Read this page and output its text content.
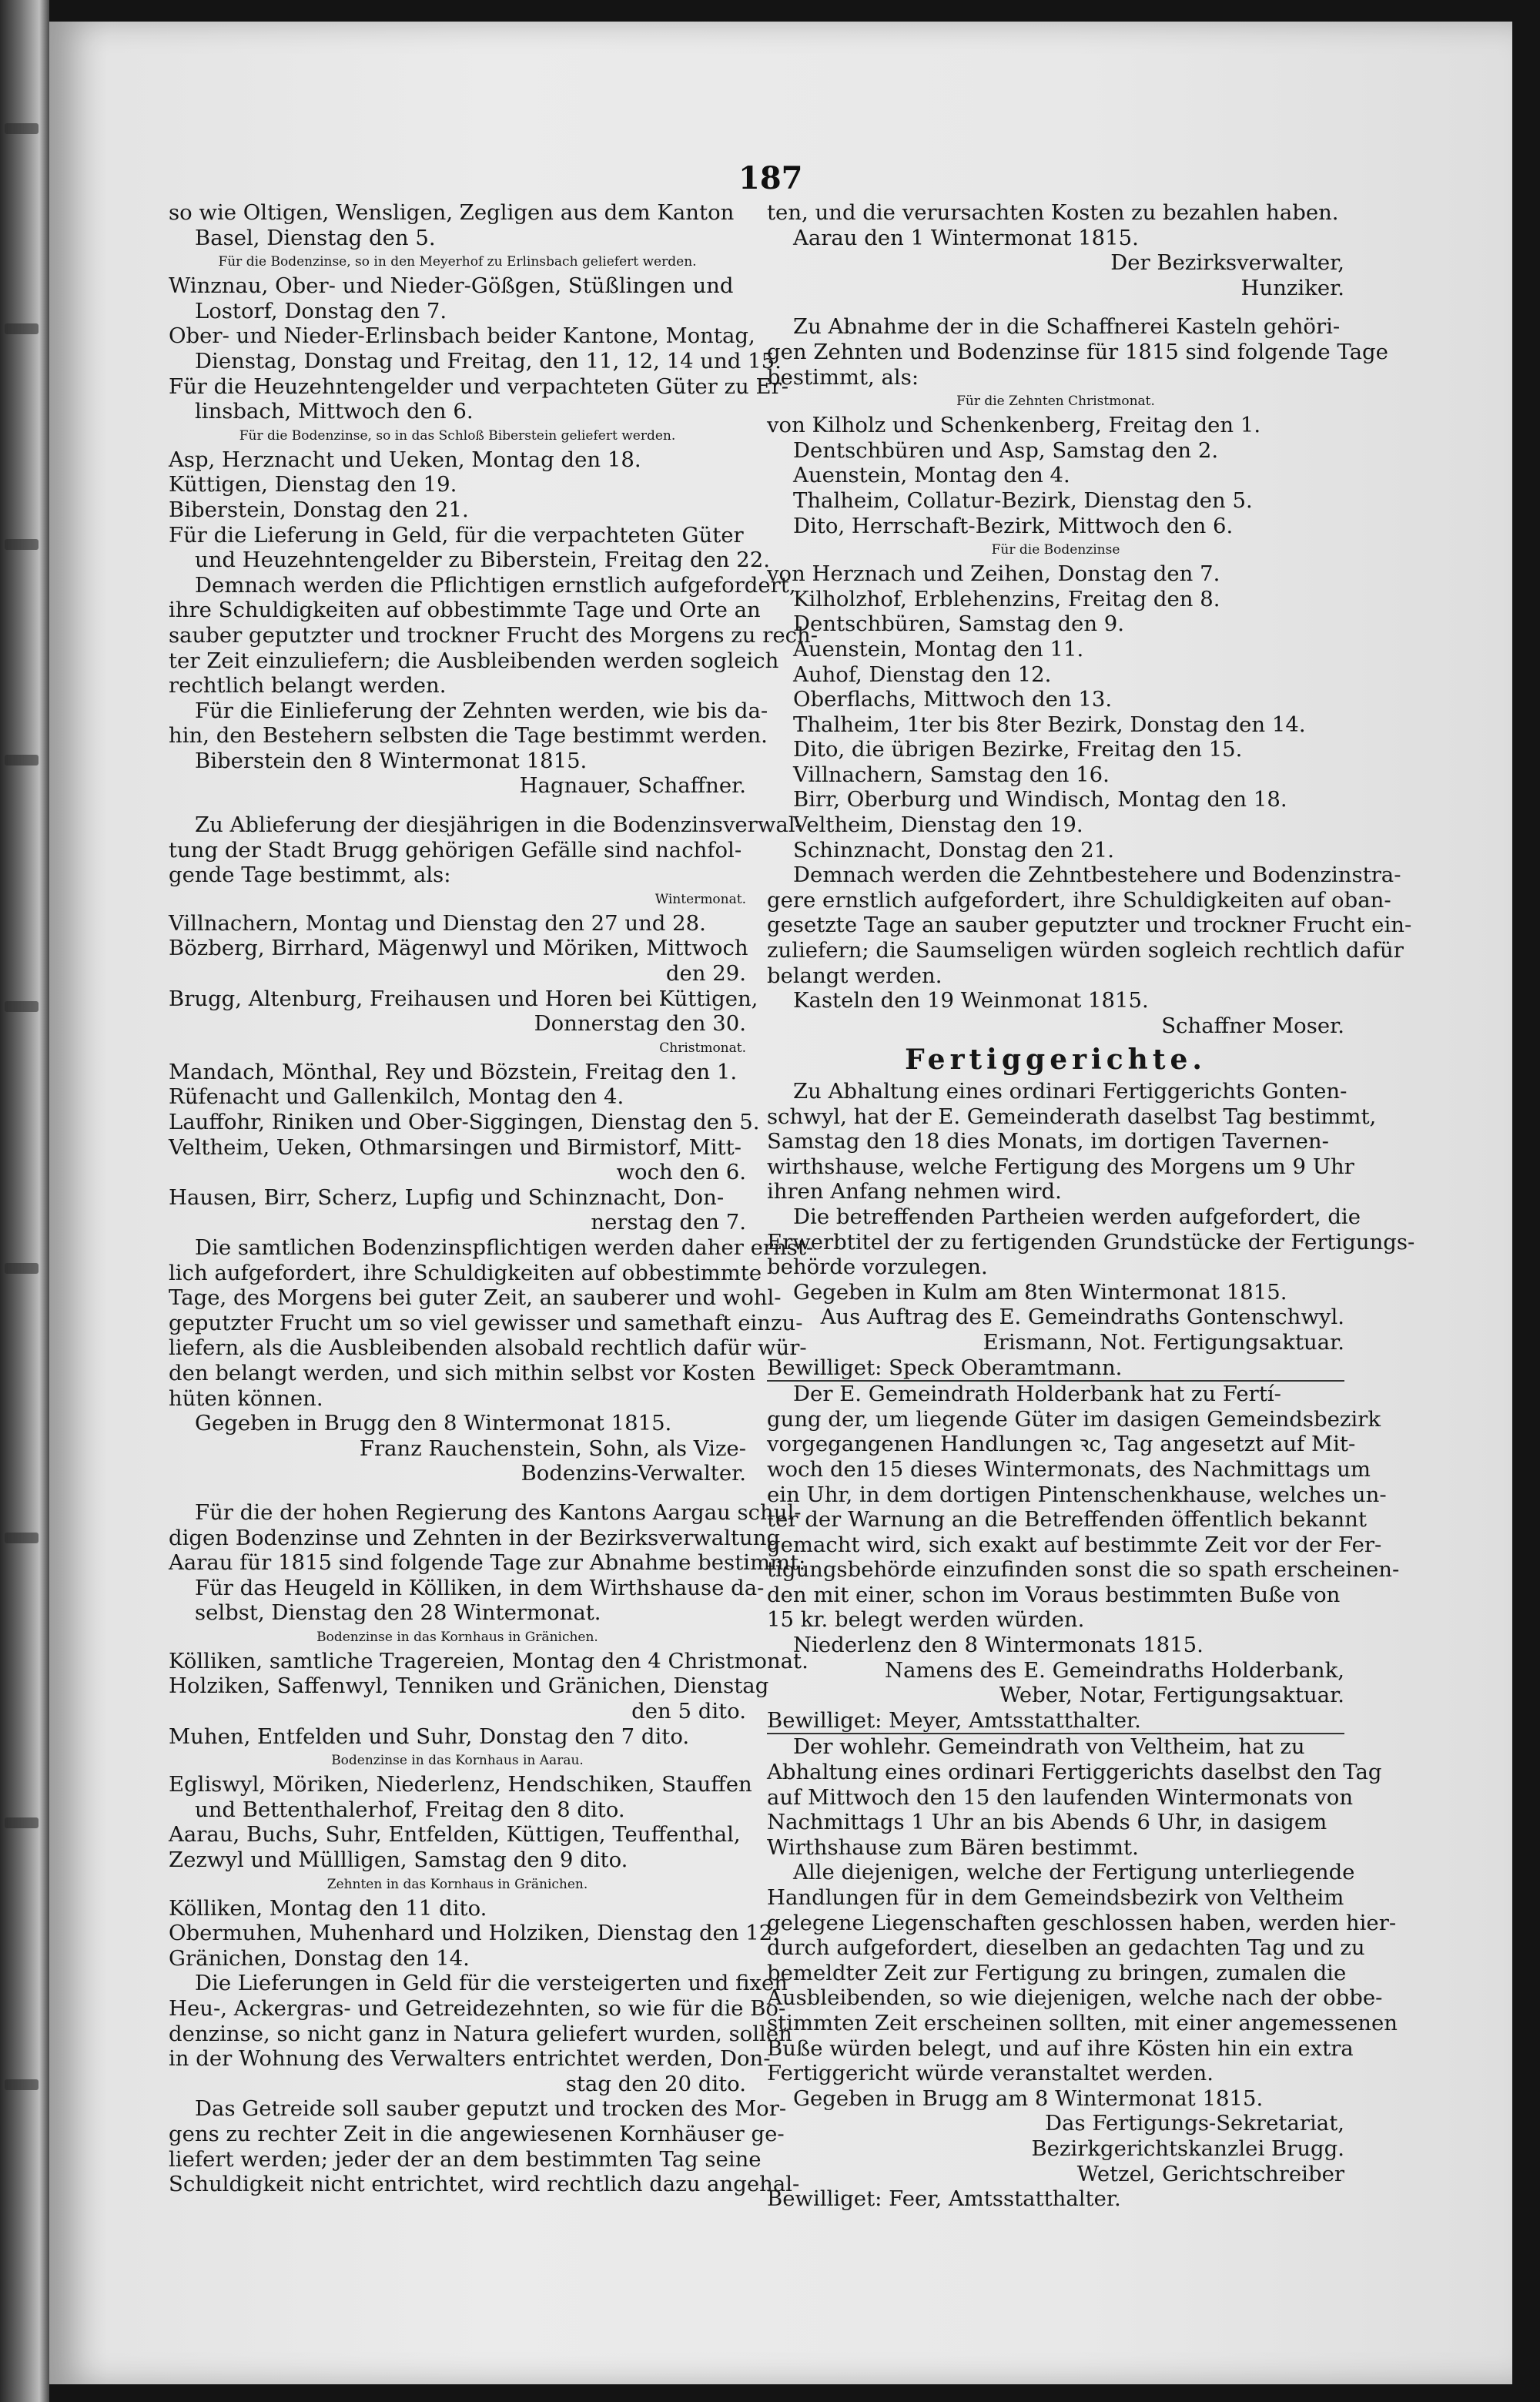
187

so wie Oltigen, Wensligen, Zegligen aus dem Kanton

Basel, Dienstag den 5.

Für die Bodenzinse, so in den Meyerhof zu Erlinsbach geliefert werden.

Winznau, Ober- und Nieder-Gößgen, Stüßlingen und

Lostorf, Donstag den 7.

Ober- und Nieder-Erlinsbach beider Kantone, Montag,

Dienstag, Donstag und Freitag, den 11, 12, 14 und 15.

Für die Heuzehntengelder und verpachteten Güter zu Er-

linsbach, Mittwoch den 6.

Für die Bodenzinse, so in das Schloß Biberstein geliefert werden.

Asp, Herznacht und Ueken, Montag den 18.

Küttigen, Dienstag den 19.

Biberstein, Donstag den 21.

Für die Lieferung in Geld, für die verpachteten Güter

und Heuzehntengelder zu Biberstein, Freitag den 22.

Demnach werden die Pflichtigen ernstlich aufgefordert,

ihre Schuldigkeiten auf obbestimmte Tage und Orte an

sauber geputzter und trockner Frucht des Morgens zu rech-

ter Zeit einzuliefern; die Ausbleibenden werden sogleich

rechtlich belangt werden.

Für die Einlieferung der Zehnten werden, wie bis da-

hin, den Bestehern selbsten die Tage bestimmt werden.

Biberstein den 8 Wintermonat 1815.

Hagnauer, Schaffner.

Zu Ablieferung der diesjährigen in die Bodenzinsverwal-

tung der Stadt Brugg gehörigen Gefälle sind nachfol-

gende Tage bestimmt, als:

Wintermonat.

Villnachern, Montag und Dienstag den 27 und 28.

Bözberg, Birrhard, Mägenwyl und Möriken, Mittwoch

den 29.

Brugg, Altenburg, Freihausen und Horen bei Küttigen,

Donnerstag den 30.

Christmonat.

Mandach, Mönthal, Rey und Bözstein, Freitag den 1.

Rüfenacht und Gallenkilch, Montag den 4.

Lauffohr, Riniken und Ober-Siggingen, Dienstag den 5.

Veltheim, Ueken, Othmarsingen und Birmistorf, Mitt-

woch den 6.

Hausen, Birr, Scherz, Lupfig und Schinznacht, Don-

nerstag den 7.

Die samtlichen Bodenzinspflichtigen werden daher ernst-

lich aufgefordert, ihre Schuldigkeiten auf obbestimmte

Tage, des Morgens bei guter Zeit, an sauberer und wohl-

geputzter Frucht um so viel gewisser und samethaft einzu-

liefern, als die Ausbleibenden alsobald rechtlich dafür wür-

den belangt werden, und sich mithin selbst vor Kosten

hüten können.

Gegeben in Brugg den 8 Wintermonat 1815.

Franz Rauchenstein, Sohn, als Vize-

Bodenzins-Verwalter.

Für die der hohen Regierung des Kantons Aargau schul-

digen Bodenzinse und Zehnten in der Bezirksverwaltung

Aarau für 1815 sind folgende Tage zur Abnahme bestimmt:

Für das Heugeld in Kölliken, in dem Wirthshause da-

selbst, Dienstag den 28 Wintermonat.

Bodenzinse in das Kornhaus in Gränichen.

Kölliken, samtliche Tragereien, Montag den 4 Christmonat.

Holziken, Saffenwyl, Tenniken und Gränichen, Dienstag

den 5 dito.

Muhen, Entfelden und Suhr, Donstag den 7 dito.

Bodenzinse in das Kornhaus in Aarau.

Egliswyl, Möriken, Niederlenz, Hendschiken, Stauffen

und Bettenthalerhof, Freitag den 8 dito.

Aarau, Buchs, Suhr, Entfelden, Küttigen, Teuffenthal,

Zezwyl und Müllligen, Samstag den 9 dito.

Zehnten in das Kornhaus in Gränichen.

Kölliken, Montag den 11 dito.

Obermuhen, Muhenhard und Holziken, Dienstag den 12.

Gränichen, Donstag den 14.

Die Lieferungen in Geld für die versteigerten und fixen

Heu-, Ackergras- und Getreidezehnten, so wie für die Bo-

denzinse, so nicht ganz in Natura geliefert wurden, sollen

in der Wohnung des Verwalters entrichtet werden, Don-

stag den 20 dito.

Das Getreide soll sauber geputzt und trocken des Mor-

gens zu rechter Zeit in die angewiesenen Kornhäuser ge-

liefert werden; jeder der an dem bestimmten Tag seine

Schuldigkeit nicht entrichtet, wird rechtlich dazu angehal-

ten, und die verursachten Kosten zu bezahlen haben.

Aarau den 1 Wintermonat 1815.

Der Bezirksverwalter,

Hunziker.

Zu Abnahme der in die Schaffnerei Kasteln gehöri-

gen Zehnten und Bodenzinse für 1815 sind folgende Tage

bestimmt, als:

Für die Zehnten Christmonat.

von Kilholz und Schenkenberg, Freitag den 1.

Dentschbüren und Asp, Samstag den 2.

Auenstein, Montag den 4.

Thalheim, Collatur-Bezirk, Dienstag den 5.

Dito, Herrschaft-Bezirk, Mittwoch den 6.

Für die Bodenzinse

von Herznach und Zeihen, Donstag den 7.

Kilholzhof, Erblehenzins, Freitag den 8.

Dentschbüren, Samstag den 9.

Auenstein, Montag den 11.

Auhof, Dienstag den 12.

Oberflachs, Mittwoch den 13.

Thalheim, 1ter bis 8ter Bezirk, Donstag den 14.

Dito, die übrigen Bezirke, Freitag den 15.

Villnachern, Samstag den 16.

Birr, Oberburg und Windisch, Montag den 18.

Veltheim, Dienstag den 19.

Schinznacht, Donstag den 21.

Demnach werden die Zehntbestehere und Bodenzinstra-

gere ernstlich aufgefordert, ihre Schuldigkeiten auf oban-

gesetzte Tage an sauber geputzter und trockner Frucht ein-

zuliefern; die Saumseligen würden sogleich rechtlich dafür

belangt werden.

Kasteln den 19 Weinmonat 1815.

Schaffner Moser.

Fertiggerichte.

Zu Abhaltung eines ordinari Fertiggerichts Gonten-

schwyl, hat der E. Gemeinderath daselbst Tag bestimmt,

Samstag den 18 dies Monats, im dortigen Tavernen-

wirthshause, welche Fertigung des Morgens um 9 Uhr

ihren Anfang nehmen wird.

Die betreffenden Partheien werden aufgefordert, die

Erwerbtitel der zu fertigenden Grundstücke der Fertigungs-

behörde vorzulegen.

Gegeben in Kulm am 8ten Wintermonat 1815.

Aus Auftrag des E. Gemeindraths Gontenschwyl.

Erismann, Not. Fertigungsaktuar.

Bewilliget: Speck Oberamtmann.

Der E. Gemeindrath Holderbank hat zu Fertí-

gung der, um liegende Güter im dasigen Gemeindsbezirk

vorgegangenen Handlungen ꝛc, Tag angesetzt auf Mit-

woch den 15 dieses Wintermonats, des Nachmittags um

ein Uhr, in dem dortigen Pintenschenkhause, welches un-

ter der Warnung an die Betreffenden öffentlich bekannt

gemacht wird, sich exakt auf bestimmte Zeit vor der Fer-

tigungsbehörde einzufinden sonst die so spath erscheinen-

den mit einer, schon im Voraus bestimmten Buße von

15 kr. belegt werden würden.

Niederlenz den 8 Wintermonats 1815.

Namens des E. Gemeindraths Holderbank,

Weber, Notar, Fertigungsaktuar.

Bewilliget: Meyer, Amtsstatthalter.

Der wohlehr. Gemeindrath von Veltheim, hat zu

Abhaltung eines ordinari Fertiggerichts daselbst den Tag

auf Mittwoch den 15 den laufenden Wintermonats von

Nachmittags 1 Uhr an bis Abends 6 Uhr, in dasigem

Wirthshause zum Bären bestimmt.

Alle diejenigen, welche der Fertigung unterliegende

Handlungen für in dem Gemeindsbezirk von Veltheim

gelegene Liegenschaften geschlossen haben, werden hier-

durch aufgefordert, dieselben an gedachten Tag und zu

bemeldter Zeit zur Fertigung zu bringen, zumalen die

Ausbleibenden, so wie diejenigen, welche nach der obbe-

stimmten Zeit erscheinen sollten, mit einer angemessenen

Buße würden belegt, und auf ihre Kösten hin ein extra

Fertiggericht würde veranstaltet werden.

Gegeben in Brugg am 8 Wintermonat 1815.

Das Fertigungs-Sekretariat,

Bezirkgerichtskanzlei Brugg.

Wetzel, Gerichtschreiber

Bewilliget: Feer, Amtsstatthalter.
